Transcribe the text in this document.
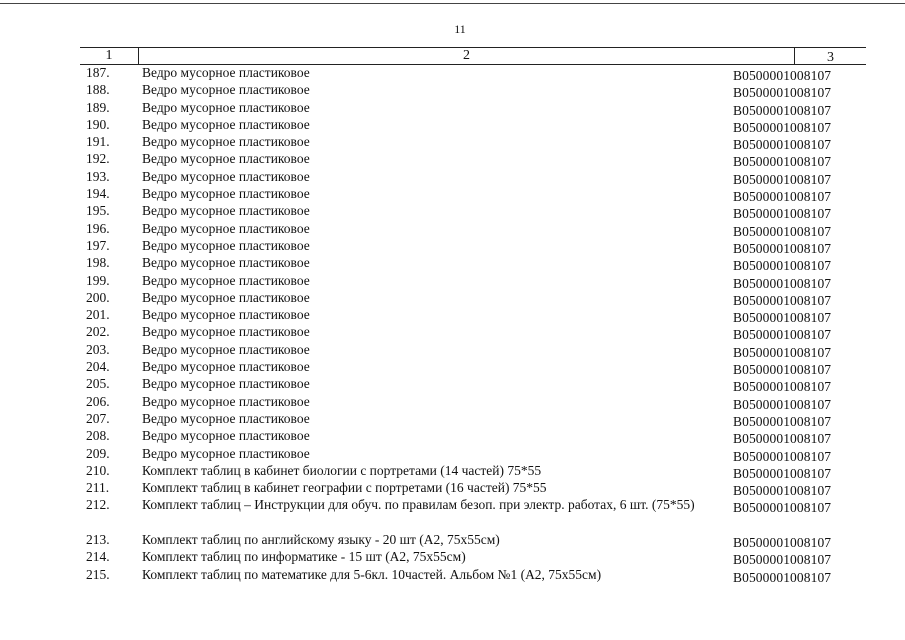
11
1	2	3
187.	Ведро мусорное пластиковое	B0500001008107
188.	Ведро мусорное пластиковое	B0500001008107
189.	Ведро мусорное пластиковое	B0500001008107
190.	Ведро мусорное пластиковое	B0500001008107
191.	Ведро мусорное пластиковое	B0500001008107
192.	Ведро мусорное пластиковое	B0500001008107
193.	Ведро мусорное пластиковое	B0500001008107
194.	Ведро мусорное пластиковое	B0500001008107
195.	Ведро мусорное пластиковое	B0500001008107
196.	Ведро мусорное пластиковое	B0500001008107
197.	Ведро мусорное пластиковое	B0500001008107
198.	Ведро мусорное пластиковое	B0500001008107
199.	Ведро мусорное пластиковое	B0500001008107
200.	Ведро мусорное пластиковое	B0500001008107
201.	Ведро мусорное пластиковое	B0500001008107
202.	Ведро мусорное пластиковое	B0500001008107
203.	Ведро мусорное пластиковое	B0500001008107
204.	Ведро мусорное пластиковое	B0500001008107
205.	Ведро мусорное пластиковое	B0500001008107
206.	Ведро мусорное пластиковое	B0500001008107
207.	Ведро мусорное пластиковое	B0500001008107
208.	Ведро мусорное пластиковое	B0500001008107
209.	Ведро мусорное пластиковое	B0500001008107
210.	Комплект таблиц в кабинет биологии с портретами (14 частей) 75*55	B0500001008107
211.	Комплект таблиц в кабинет географии с портретами (16 частей) 75*55	B0500001008107
212.	Комплект таблиц – Инструкции для обуч. по правилам безоп. при электр. работах, 6 шт. (75*55)	B0500001008107
213.	Комплект таблиц по английскому языку - 20 шт (А2, 75х55см)	B0500001008107
214.	Комплект таблиц по информатике - 15 шт (А2, 75х55см)	B0500001008107
215.	Комплект таблиц по математике для 5-6кл. 10частей. Альбом №1 (А2, 75х55см)	B0500001008107
